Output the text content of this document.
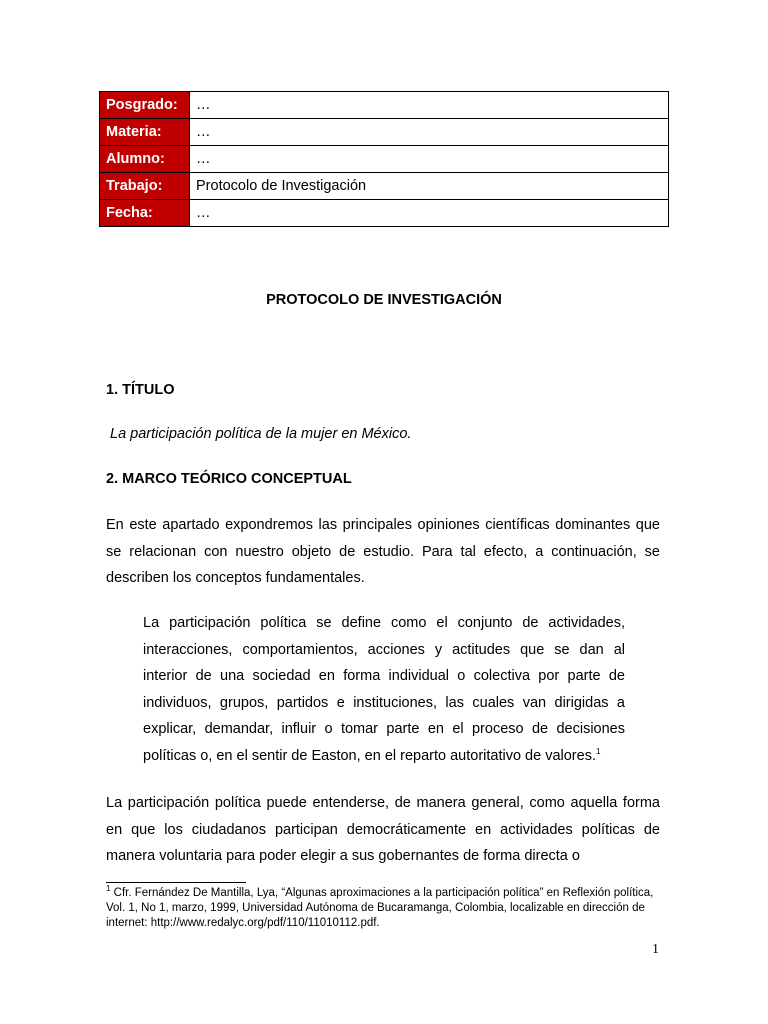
Posgrado:	…
Materia:	…
Alumno:	…
Trabajo:	Protocolo de Investigación
Fecha:	…
PROTOCOLO DE INVESTIGACIÓN
1. TÍTULO
La participación política de la mujer en México.
2. MARCO TEÓRICO CONCEPTUAL
En este apartado expondremos las principales opiniones científicas dominantes que se relacionan con nuestro objeto de estudio. Para tal efecto, a continuación, se describen los conceptos fundamentales.
La participación política se define como el conjunto de actividades, interacciones, comportamientos, acciones y actitudes que se dan al interior de una sociedad en forma individual o colectiva por parte de individuos, grupos, partidos e instituciones, las cuales van dirigidas a explicar, demandar, influir o tomar parte en el proceso de decisiones políticas o, en el sentir de Easton, en el reparto autoritativo de valores.$^1$
La participación política puede entenderse, de manera general, como aquella forma en que los ciudadanos participan democráticamente en actividades políticas de manera voluntaria para poder elegir a sus gobernantes de forma directa o
$^1$ Cfr. Fernández De Mantilla, Lya, “Algunas aproximaciones a la participación política” en Reflexión política, Vol. 1, No 1, marzo, 1999, Universidad Autónoma de Bucaramanga, Colombia, localizable en dirección de internet: http://www.redalyc.org/pdf/110/11010112.pdf.
1
